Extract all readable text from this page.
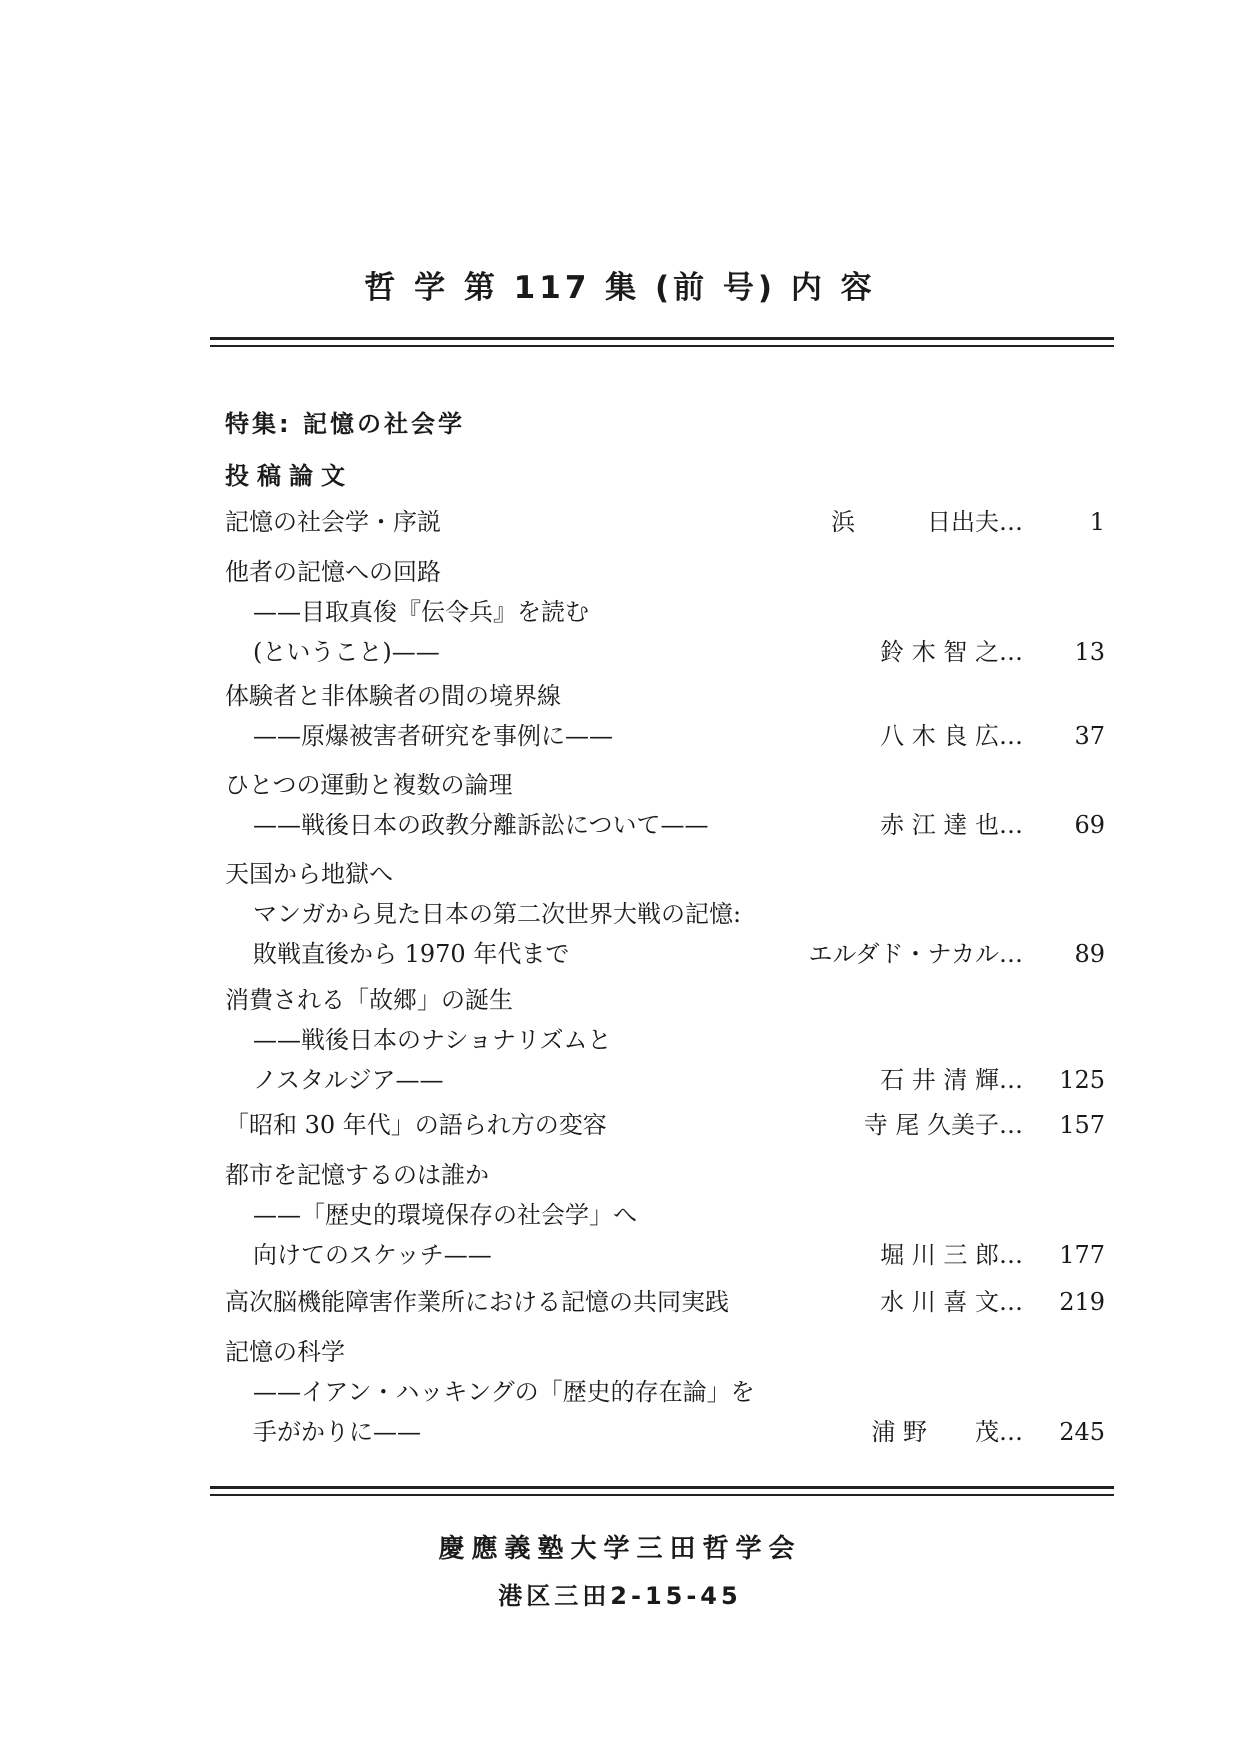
哲 学 第 117 集 (前 号) 内 容
特集: 記憶の社会学
投稿論文
記憶の社会学・序説	浜　　　日出夫…	1
他者の記憶への回路
——目取真俊『伝令兵』を読む
(ということ)——	鈴 木 智 之…	13
体験者と非体験者の間の境界線
——原爆被害者研究を事例に——	八 木 良 広…	37
ひとつの運動と複数の論理
——戦後日本の政教分離訴訟について——	赤 江 達 也…	69
天国から地獄へ
マンガから見た日本の第二次世界大戦の記憶:
敗戦直後から 1970 年代まで	エルダド・ナカル…	89
消費される「故郷」の誕生
——戦後日本のナショナリズムと
ノスタルジア——	石 井 清 輝…	125
「昭和 30 年代」の語られ方の変容	寺 尾 久美子…	157
都市を記憶するのは誰か
——「歴史的環境保存の社会学」へ
向けてのスケッチ——	堀 川 三 郎…	177
高次脳機能障害作業所における記憶の共同実践	水 川 喜 文…	219
記憶の科学
——イアン・ハッキングの「歴史的存在論」を
手がかりに——	浦 野　　茂…	245
慶應義塾大学三田哲学会
港区三田2-15-45
